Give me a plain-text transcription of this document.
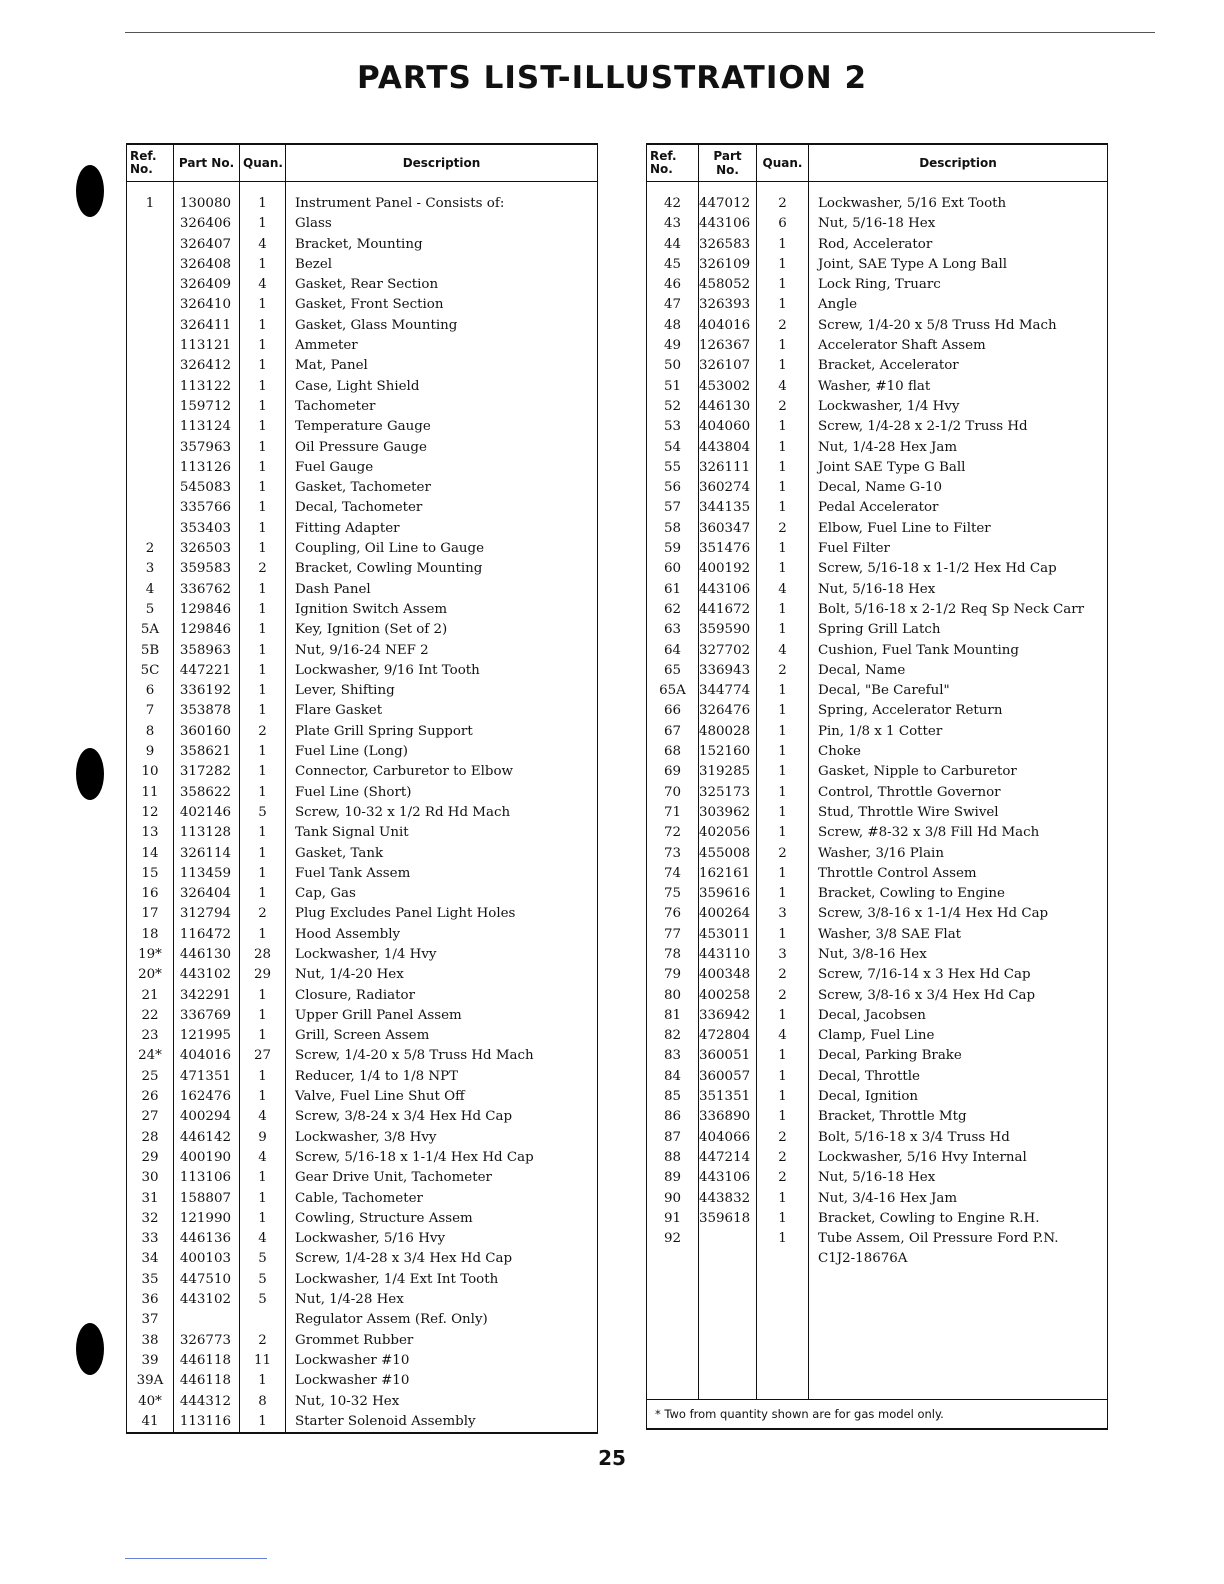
PARTS LIST-ILLUSTRATION 2
Ref. No.	Part No.	Quan.	Description
1	130080	1	Instrument Panel - Consists of:
	326406	1	Glass
	326407	4	Bracket, Mounting
	326408	1	Bezel
	326409	4	Gasket, Rear Section
	326410	1	Gasket, Front Section
	326411	1	Gasket, Glass Mounting
	113121	1	Ammeter
	326412	1	Mat, Panel
	113122	1	Case, Light Shield
	159712	1	Tachometer
	113124	1	Temperature Gauge
	357963	1	Oil Pressure Gauge
	113126	1	Fuel Gauge
	545083	1	Gasket, Tachometer
	335766	1	Decal, Tachometer
	353403	1	Fitting Adapter
2	326503	1	Coupling, Oil Line to Gauge
3	359583	2	Bracket, Cowling Mounting
4	336762	1	Dash Panel
5	129846	1	Ignition Switch Assem
5A	129846	1	Key, Ignition (Set of 2)
5B	358963	1	Nut, 9/16-24 NEF 2
5C	447221	1	Lockwasher, 9/16 Int Tooth
6	336192	1	Lever, Shifting
7	353878	1	Flare Gasket
8	360160	2	Plate Grill Spring Support
9	358621	1	Fuel Line (Long)
10	317282	1	Connector, Carburetor to Elbow
11	358622	1	Fuel Line (Short)
12	402146	5	Screw, 10-32 x 1/2 Rd Hd Mach
13	113128	1	Tank Signal Unit
14	326114	1	Gasket, Tank
15	113459	1	Fuel Tank Assem
16	326404	1	Cap, Gas
17	312794	2	Plug Excludes Panel Light Holes
18	116472	1	Hood Assembly
19*	446130	28	Lockwasher, 1/4 Hvy
20*	443102	29	Nut, 1/4-20 Hex
21	342291	1	Closure, Radiator
22	336769	1	Upper Grill Panel Assem
23	121995	1	Grill, Screen Assem
24*	404016	27	Screw, 1/4-20 x 5/8 Truss Hd Mach
25	471351	1	Reducer, 1/4 to 1/8 NPT
26	162476	1	Valve, Fuel Line Shut Off
27	400294	4	Screw, 3/8-24 x 3/4 Hex Hd Cap
28	446142	9	Lockwasher, 3/8 Hvy
29	400190	4	Screw, 5/16-18 x 1-1/4 Hex Hd Cap
30	113106	1	Gear Drive Unit, Tachometer
31	158807	1	Cable, Tachometer
32	121990	1	Cowling, Structure Assem
33	446136	4	Lockwasher, 5/16 Hvy
34	400103	5	Screw, 1/4-28 x 3/4 Hex Hd Cap
35	447510	5	Lockwasher, 1/4 Ext Int Tooth
36	443102	5	Nut, 1/4-28 Hex
37			Regulator Assem (Ref. Only)
38	326773	2	Grommet Rubber
39	446118	11	Lockwasher #10
39A	446118	1	Lockwasher #10
40*	444312	8	Nut, 10-32 Hex
41	113116	1	Starter Solenoid Assembly

Ref. No.	Part No.	Quan.	Description
42	447012	2	Lockwasher, 5/16 Ext Tooth
43	443106	6	Nut, 5/16-18 Hex
44	326583	1	Rod, Accelerator
45	326109	1	Joint, SAE Type A Long Ball
46	458052	1	Lock Ring, Truarc
47	326393	1	Angle
48	404016	2	Screw, 1/4-20 x 5/8 Truss Hd Mach
49	126367	1	Accelerator Shaft Assem
50	326107	1	Bracket, Accelerator
51	453002	4	Washer, #10 flat
52	446130	2	Lockwasher, 1/4 Hvy
53	404060	1	Screw, 1/4-28 x 2-1/2 Truss Hd
54	443804	1	Nut, 1/4-28 Hex Jam
55	326111	1	Joint SAE Type G Ball
56	360274	1	Decal, Name G-10
57	344135	1	Pedal Accelerator
58	360347	2	Elbow, Fuel Line to Filter
59	351476	1	Fuel Filter
60	400192	1	Screw, 5/16-18 x 1-1/2 Hex Hd Cap
61	443106	4	Nut, 5/16-18 Hex
62	441672	1	Bolt, 5/16-18 x 2-1/2 Req Sp Neck Carr
63	359590	1	Spring Grill Latch
64	327702	4	Cushion, Fuel Tank Mounting
65	336943	2	Decal, Name
65A	344774	1	Decal, "Be Careful"
66	326476	1	Spring, Accelerator Return
67	480028	1	Pin, 1/8 x 1 Cotter
68	152160	1	Choke
69	319285	1	Gasket, Nipple to Carburetor
70	325173	1	Control, Throttle Governor
71	303962	1	Stud, Throttle Wire Swivel
72	402056	1	Screw, #8-32 x 3/8 Fill Hd Mach
73	455008	2	Washer, 3/16 Plain
74	162161	1	Throttle Control Assem
75	359616	1	Bracket, Cowling to Engine
76	400264	3	Screw, 3/8-16 x 1-1/4 Hex Hd Cap
77	453011	1	Washer, 3/8 SAE Flat
78	443110	3	Nut, 3/8-16 Hex
79	400348	2	Screw, 7/16-14 x 3 Hex Hd Cap
80	400258	2	Screw, 3/8-16 x 3/4 Hex Hd Cap
81	336942	1	Decal, Jacobsen
82	472804	4	Clamp, Fuel Line
83	360051	1	Decal, Parking Brake
84	360057	1	Decal, Throttle
85	351351	1	Decal, Ignition
86	336890	1	Bracket, Throttle Mtg
87	404066	2	Bolt, 5/16-18 x 3/4 Truss Hd
88	447214	2	Lockwasher, 5/16 Hvy Internal
89	443106	2	Nut, 5/16-18 Hex
90	443832	1	Nut, 3/4-16 Hex Jam
91	359618	1	Bracket, Cowling to Engine R.H.
92		1	Tube Assem, Oil Pressure Ford P.N.
			C1J2-18676A

* Two from quantity shown are for gas model only.			
25
